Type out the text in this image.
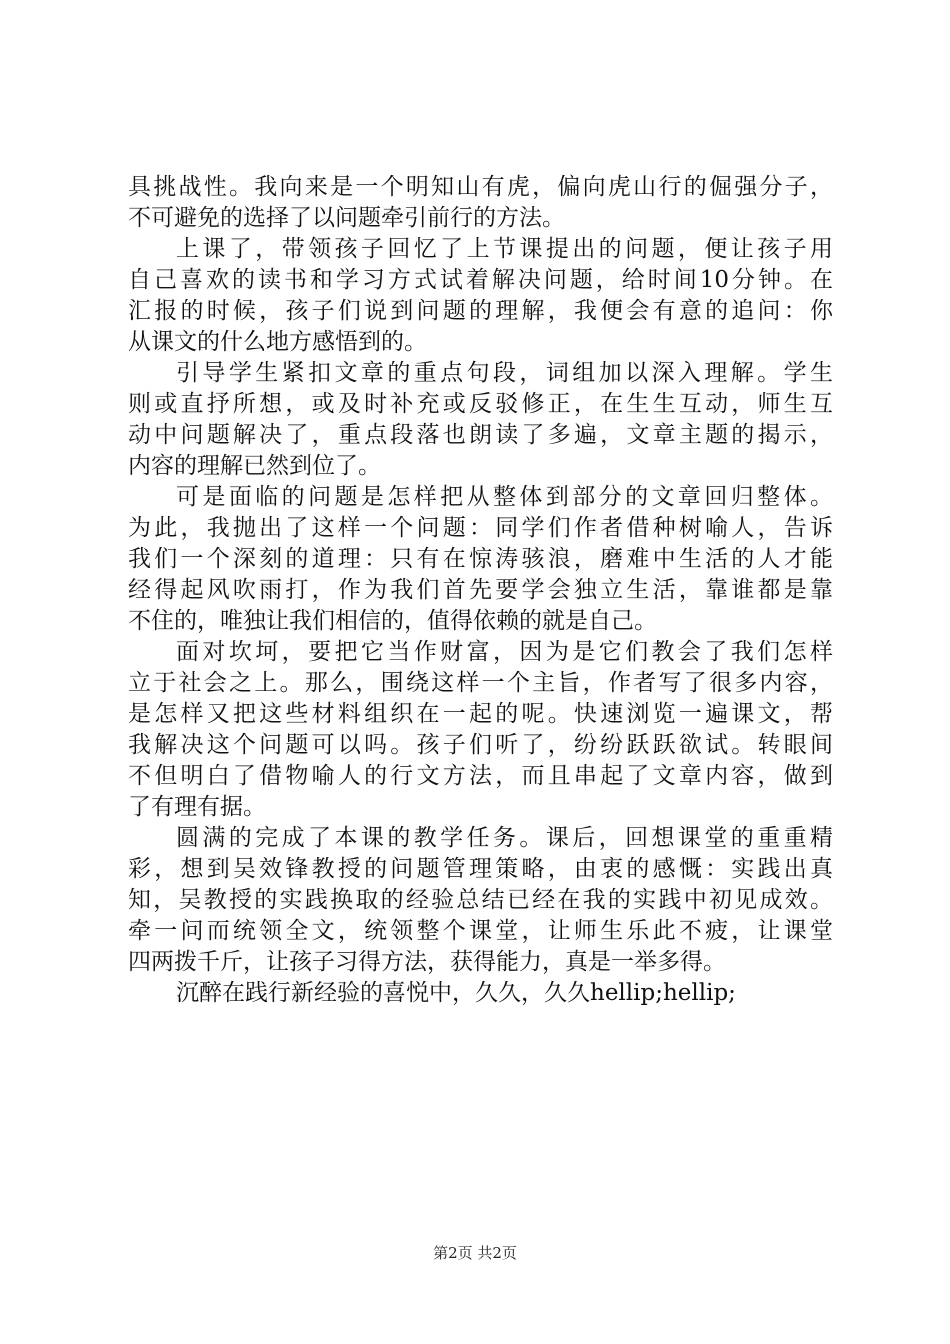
具挑战性。我向来是一个明知山有虎，偏向虎山行的倔强分子，
不可避免的选择了以问题牵引前行的方法。
上课了，带领孩子回忆了上节课提出的问题，便让孩子用
自己喜欢的读书和学习方式试着解决问题，给时间10分钟。在
汇报的时候，孩子们说到问题的理解，我便会有意的追问：你
从课文的什么地方感悟到的。
引导学生紧扣文章的重点句段，词组加以深入理解。学生
则或直抒所想，或及时补充或反驳修正，在生生互动，师生互
动中问题解决了，重点段落也朗读了多遍，文章主题的揭示，
内容的理解已然到位了。
可是面临的问题是怎样把从整体到部分的文章回归整体。
为此，我抛出了这样一个问题：同学们作者借种树喻人，告诉
我们一个深刻的道理：只有在惊涛骇浪，磨难中生活的人才能
经得起风吹雨打，作为我们首先要学会独立生活，靠谁都是靠
不住的，唯独让我们相信的，值得依赖的就是自己。
面对坎坷，要把它当作财富，因为是它们教会了我们怎样
立于社会之上。那么，围绕这样一个主旨，作者写了很多内容，
是怎样又把这些材料组织在一起的呢。快速浏览一遍课文，帮
我解决这个问题可以吗。孩子们听了，纷纷跃跃欲试。转眼间
不但明白了借物喻人的行文方法，而且串起了文章内容，做到
了有理有据。
圆满的完成了本课的教学任务。课后，回想课堂的重重精
彩，想到吴效锋教授的问题管理策略，由衷的感慨：实践出真
知，吴教授的实践换取的经验总结已经在我的实践中初见成效。
牵一问而统领全文，统领整个课堂，让师生乐此不疲，让课堂
四两拨千斤，让孩子习得方法，获得能力，真是一举多得。
沉醉在践行新经验的喜悦中，久久，久久hellip;hellip;
第2页 共2页
